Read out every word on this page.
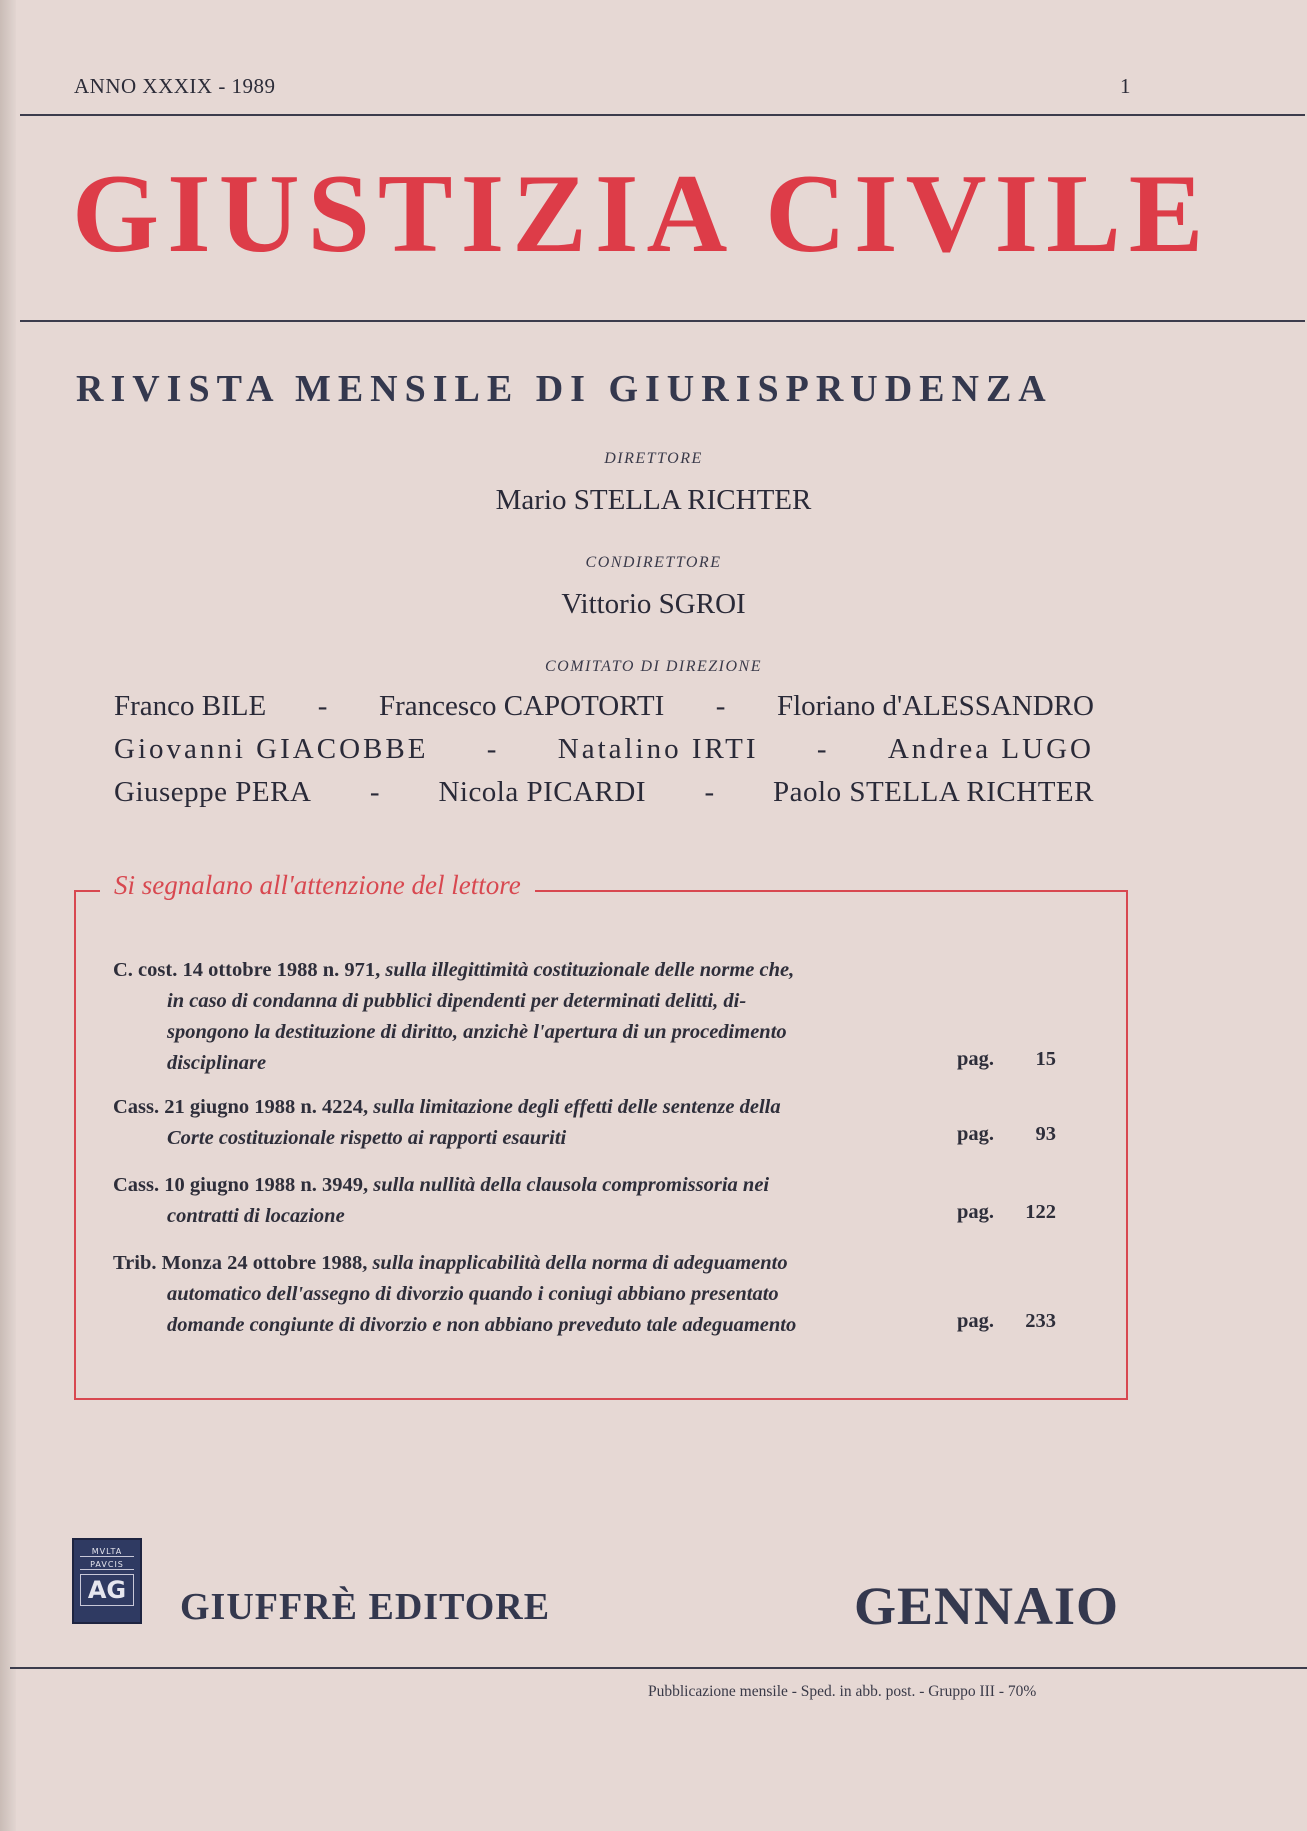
ANNO XXXIX - 1989	1
GIUSTIZIA CIVILE
RIVISTA MENSILE DI GIURISPRUDENZA
DIRETTORE
Mario STELLA RICHTER
CONDIRETTORE
Vittorio SGROI
COMITATO DI DIREZIONE
Franco BILE - Francesco CAPOTORTI - Floriano d'ALESSANDRO
Giovanni GIACOBBE - Natalino IRTI - Andrea LUGO
Giuseppe PERA - Nicola PICARDI - Paolo STELLA RICHTER
Si segnalano all'attenzione del lettore
C. cost. 14 ottobre 1988 n. 971, sulla illegittimità costituzionale delle norme che,
in caso di condanna di pubblici dipendenti per determinati delitti, di-
spongono la destituzione di diritto, anzichè l'apertura di un procedimento
disciplinare	pag. 15
Cass. 21 giugno 1988 n. 4224, sulla limitazione degli effetti delle sentenze della
Corte costituzionale rispetto ai rapporti esauriti	pag. 93
Cass. 10 giugno 1988 n. 3949, sulla nullità della clausola compromissoria nei
contratti di locazione	pag. 122
Trib. Monza 24 ottobre 1988, sulla inapplicabilità della norma di adeguamento
automatico dell'assegno di divorzio quando i coniugi abbiano presentato
domande congiunte di divorzio e non abbiano preveduto tale adeguamento	pag. 233
MVLTA
PAVCIS
AG GIUFFRÈ EDITORE	GENNAIO
Pubblicazione mensile - Sped. in abb. post. - Gruppo III - 70%
